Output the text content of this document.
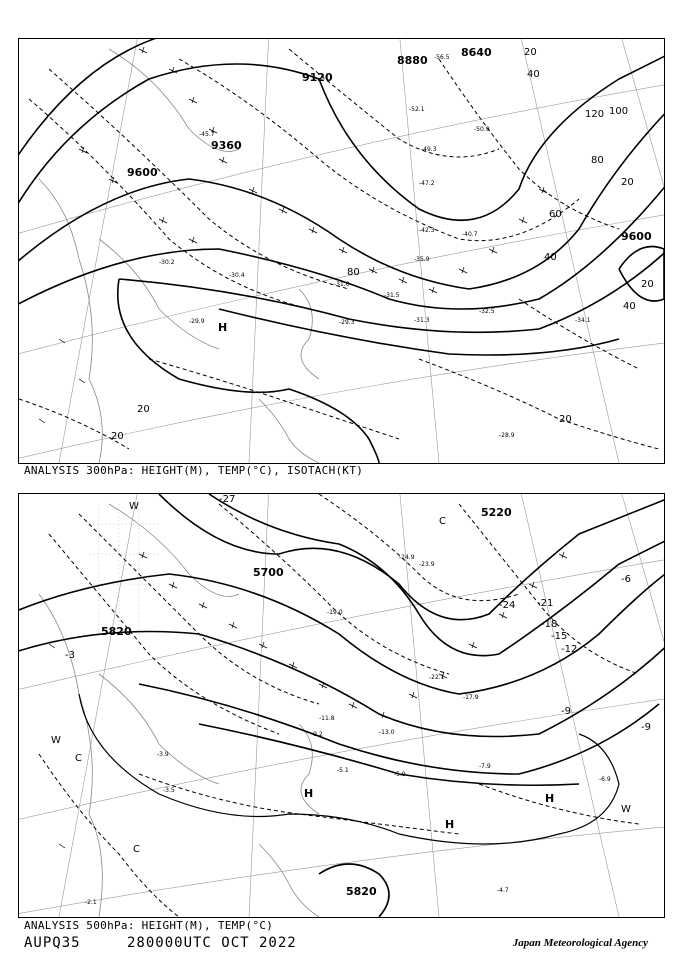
8640
8880
9120
9360
9600
9600
20
40
60
80
100
120
80
40
20
40
20
20
20
20
-56.5
-52.1
-50.9
-49.3
-47.2
-45.7
-42.3
-40.7
-35.9
-31.0
-31.5
-29.3	-31.3
-32.5
-34.1
-29.9
-28.9
-30.4
-30.2
H
ANALYSIS 300hPa: HEIGHT(M), TEMP(°C), ISOTACH(KT)
5220
5700
5820
5820
-27
-24 -21
-18
-15
-12
-9
-9
-6
-3
-24.9
-23.9
-22.1
-19.0
-17.9
-13.0
-11.8
-9.2
-7.9
-6.9
-5.9
-5.1
-4.7
-3.9
-3.5
-2.1
H
H
H
W
C
C
W
C
W
ANALYSIS 500hPa: HEIGHT(M), TEMP(°C)
AUPQ35	280000UTC OCT 2022	Japan Meteorological Agency
